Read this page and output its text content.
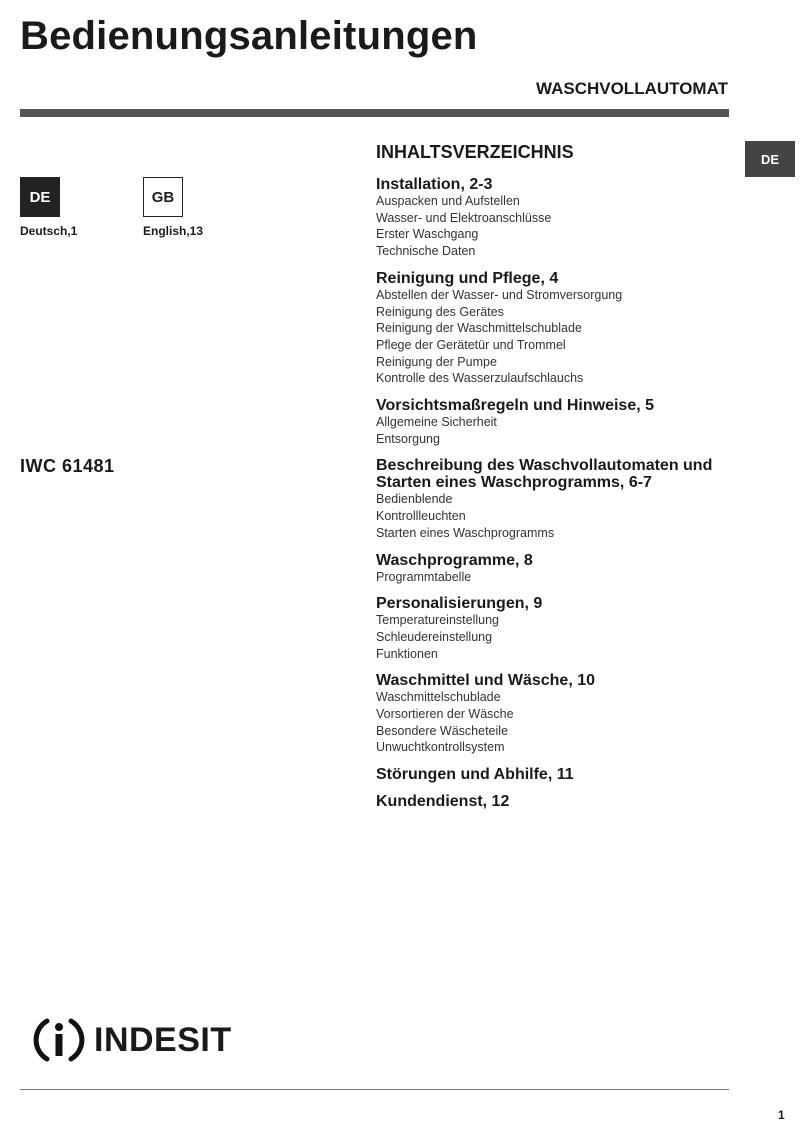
Bedienungsanleitungen
WASCHVOLLAUTOMAT
DE
DE
Deutsch,1
GB
English,13
IWC 61481
INHALTSVERZEICHNIS
Installation, 2-3
Auspacken und Aufstellen
Wasser- und Elektroanschlüsse
Erster Waschgang
Technische Daten
Reinigung und Pflege, 4
Abstellen der Wasser- und Stromversorgung
Reinigung des Gerätes
Reinigung der Waschmittelschublade
Pflege der Gerätetür und Trommel
Reinigung der Pumpe
Kontrolle des Wasserzulaufschlauchs
Vorsichtsmaßregeln und Hinweise, 5
Allgemeine Sicherheit
Entsorgung
Beschreibung des Waschvollautomaten und Starten eines Waschprogramms, 6-7
Bedienblende
Kontrollleuchten
Starten eines Waschprogramms
Waschprogramme, 8
Programmtabelle
Personalisierungen, 9
Temperatureinstellung
Schleudereinstellung
Funktionen
Waschmittel und Wäsche, 10
Waschmittelschublade
Vorsortieren der Wäsche
Besondere Wäscheteile
Unwuchtkontrollsystem
Störungen und Abhilfe, 11
Kundendienst, 12
INDESIT
1
